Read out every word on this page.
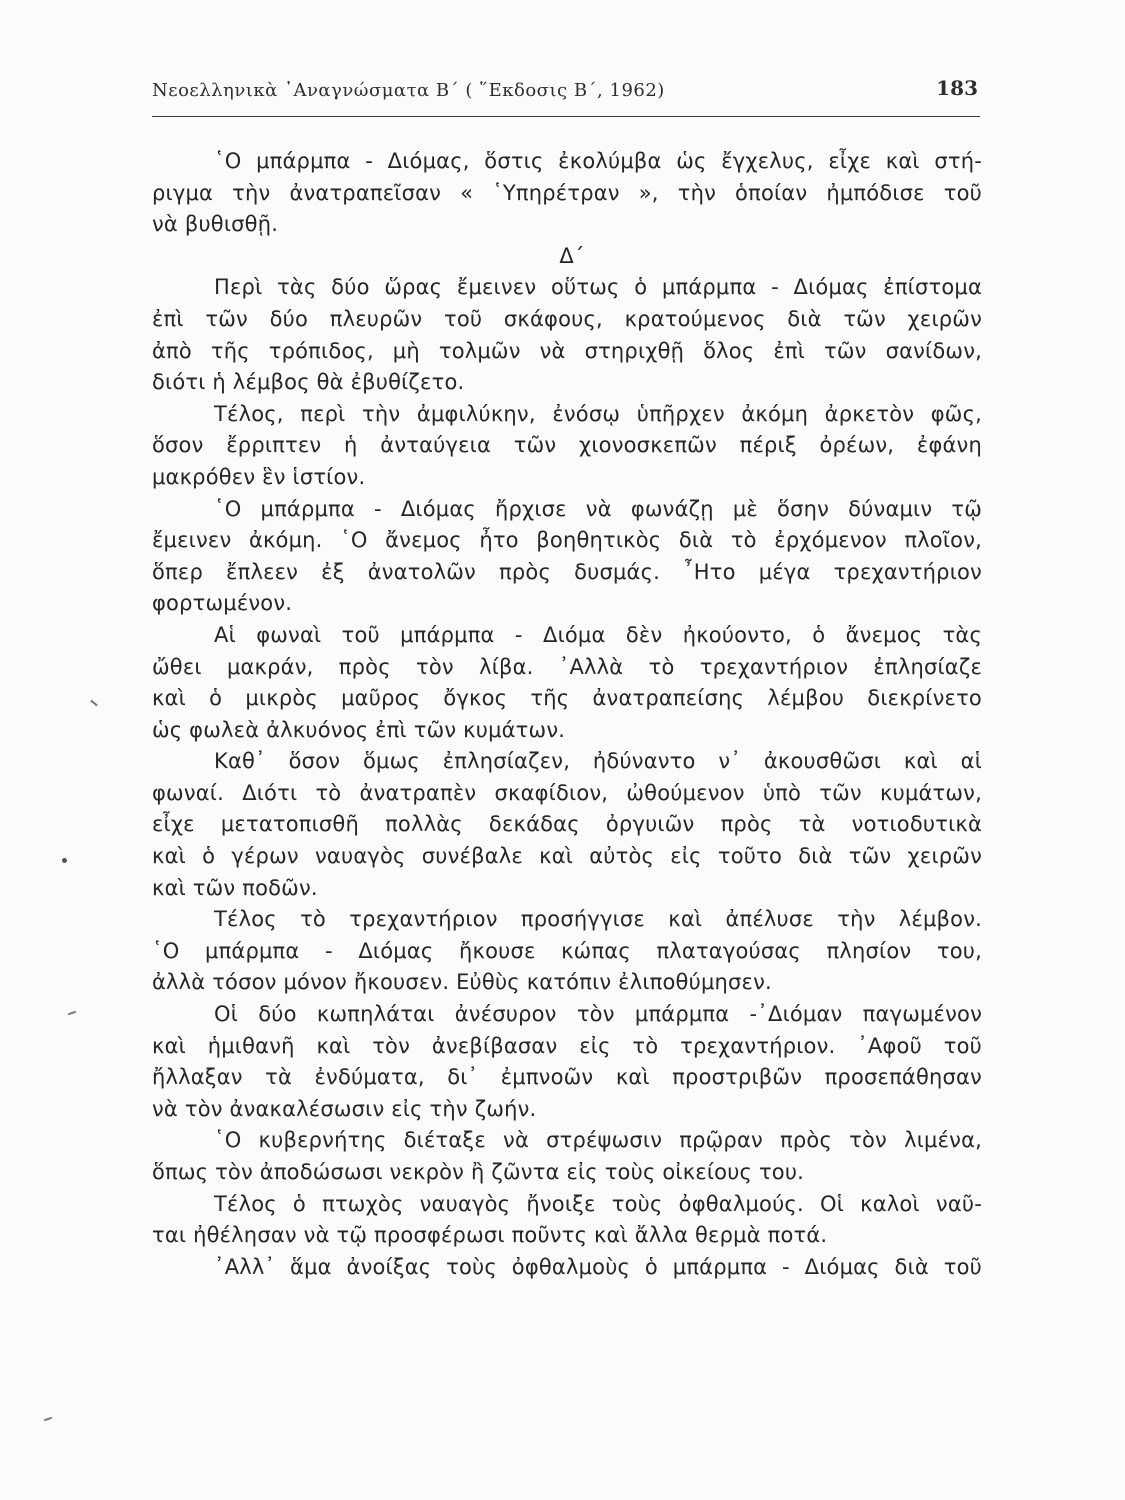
Νεοελληνικὰ ᾿Αναγνώσματα Β΄ ( ῞Εκδοσις Β΄, 1962)	183

῾Ο μπάρμπα - Διόμας, ὅστις ἐκολύμβα ὡς ἔγχελυς, εἶχε καὶ στή-
ριγμα τὴν ἀνατραπεῖσαν « ῾Υπηρέτραν », τὴν ὁποίαν ἠμπόδισε τοῦ

νὰ βυθισθῇ.

Δ΄

Περὶ τὰς δύο ὥρας ἔμεινεν οὕτως ὁ μπάρμπα - Διόμας ἐπίστομα
ἐπὶ τῶν δύο πλευρῶν τοῦ σκάφους, κρατούμενος διὰ τῶν χειρῶν
ἀπὸ τῆς τρόπιδος, μὴ τολμῶν νὰ στηριχθῇ ὅλος ἐπὶ τῶν σανίδων,

διότι ἡ λέμβος θὰ ἐβυθίζετο.

Τέλος, περὶ τὴν ἀμφιλύκην, ἐνόσῳ ὑπῆρχεν ἀκόμη ἀρκετὸν φῶς,
ὅσον ἔρριπτεν ἡ ἀνταύγεια τῶν χιονοσκεπῶν πέριξ ὀρέων, ἐφάνη

μακρόθεν ἓν ἱστίον.

῾Ο μπάρμπα - Διόμας ἤρχισε νὰ φωνάζῃ μὲ ὅσην δύναμιν τῷ
ἔμεινεν ἀκόμη. ῾Ο ἄνεμος ἦτο βοηθητικὸς διὰ τὸ ἐρχόμενον πλοῖον,
ὅπερ ἔπλεεν ἐξ ἀνατολῶν πρὸς δυσμάς. ῏Ητο μέγα τρεχαντήριον

φορτωμένον.

Αἱ φωναὶ τοῦ μπάρμπα - Διόμα δὲν ἠκούοντο, ὁ ἄνεμος τὰς
ὤθει μακράν, πρὸς τὸν λίβα. ᾿Αλλὰ τὸ τρεχαντήριον ἐπλησίαζε
καὶ ὁ μικρὸς μαῦρος ὄγκος τῆς ἀνατραπείσης λέμβου διεκρίνετο

ὡς φωλεὰ ἀλκυόνος ἐπὶ τῶν κυμάτων.

Καθ᾿ ὅσον ὅμως ἐπλησίαζεν, ἠδύναντο ν᾿ ἀκουσθῶσι καὶ αἱ
φωναί. Διότι τὸ ἀνατραπὲν σκαφίδιον, ὠθούμενον ὑπὸ τῶν κυμάτων,
εἶχε μετατοπισθῆ πολλὰς δεκάδας ὀργυιῶν πρὸς τὰ νοτιοδυτικὰ
καὶ ὁ γέρων ναυαγὸς συνέβαλε καὶ αὐτὸς εἰς τοῦτο διὰ τῶν χειρῶν

καὶ τῶν ποδῶν.

Τέλος τὸ τρεχαντήριον προσήγγισε καὶ ἀπέλυσε τὴν λέμβον.
῾Ο μπάρμπα - Διόμας ἤκουσε κώπας πλαταγούσας πλησίον του,

ἀλλὰ τόσον μόνον ἤκουσεν. Εὐθὺς κατόπιν ἐλιποθύμησεν.

Οἱ δύο κωπηλάται ἀνέσυρον τὸν μπάρμπα -᾿Διόμαν παγωμένον
καὶ ἡμιθανῆ καὶ τὸν ἀνεβίβασαν εἰς τὸ τρεχαντήριον. ᾿Αφοῦ τοῦ
ἤλλαξαν τὰ ἐνδύματα, δι᾿ ἐμπνοῶν καὶ προστριβῶν προσεπάθησαν

νὰ τὸν ἀνακαλέσωσιν εἰς τὴν ζωήν.

῾Ο κυβερνήτης διέταξε νὰ στρέψωσιν πρῷραν πρὸς τὸν λιμένα,

ὅπως τὸν ἀποδώσωσι νεκρὸν ἢ ζῶντα εἰς τοὺς οἰκείους του.

Τέλος ὁ πτωχὸς ναυαγὸς ἤνοιξε τοὺς ὀφθαλμούς. Οἱ καλοὶ ναῦ-

ται ἠθέλησαν νὰ τῷ προσφέρωσι ποῦντς καὶ ἄλλα θερμὰ ποτά.

᾿Αλλ᾿ ἅμα ἀνοίξας τοὺς ὀφθαλμοὺς ὁ μπάρμπα - Διόμας διὰ τοῦ
